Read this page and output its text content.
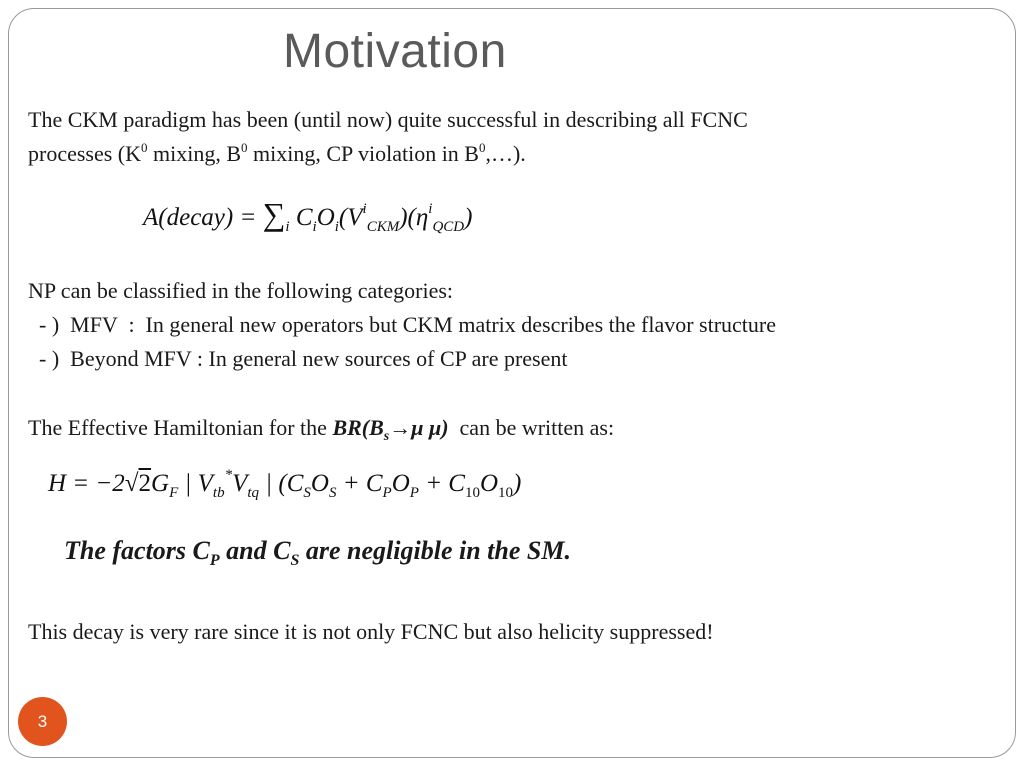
Motivation
The CKM paradigm has been (until now) quite successful in describing all FCNC
processes ($K^0$ mixing, $B^0$ mixing, CP violation in $B^0,\dots$).
A(decay) = $\sum_i$ $C_iO_i(V^i_{CKM})(\eta^i_{QCD})$
NP can be classified in the following categories:
- )  MFV  :  In general new operators but CKM matrix describes the flavor structure
- )  Beyond MFV : In general new sources of CP are present
The Effective Hamiltonian for the $BR(B_s\to\mu$ μ)  can be written as:
$H = -2√2G_F$ | $V_{tb}^*V_{tq}$ | $(C_SO_S + C_PO_P + C_{10}O_{10})$
The factors $C_P$ and $C_S$ are negligible in the SM.
This decay is very rare since it is not only FCNC but also helicity suppressed!
3
